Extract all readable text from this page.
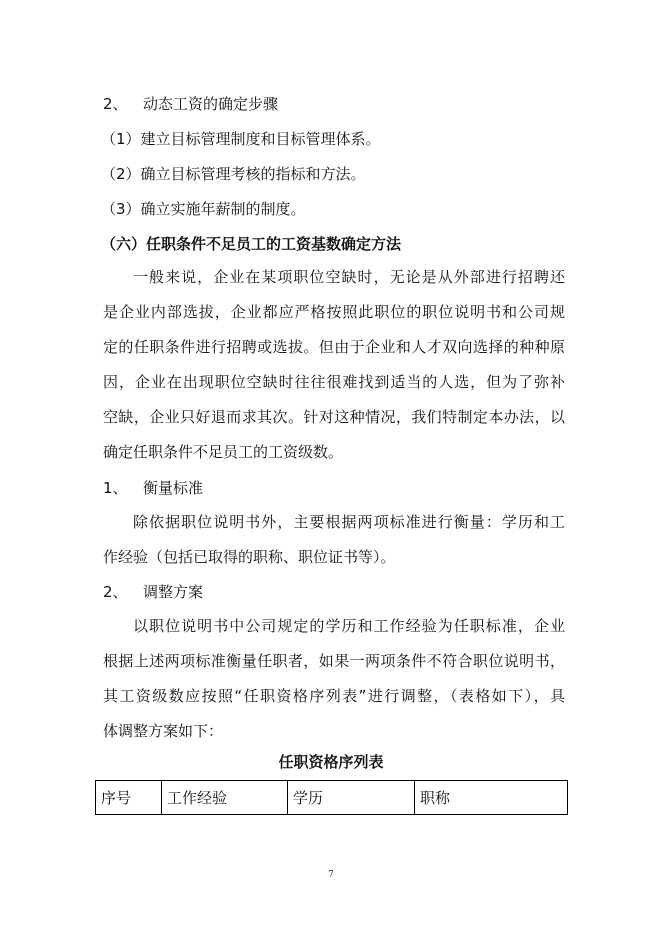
2、 动态工资的确定步骤
（1）建立目标管理制度和目标管理体系。
（2）确立目标管理考核的指标和方法。
（3）确立实施年薪制的制度。
（六）任职条件不足员工的工资基数确定方法
一般来说，企业在某项职位空缺时，无论是从外部进行招聘还
是企业内部选拔，企业都应严格按照此职位的职位说明书和公司规
定的任职条件进行招聘或选拔。但由于企业和人才双向选择的种种原
因，企业在出现职位空缺时往往很难找到适当的人选，但为了弥补
空缺，企业只好退而求其次。针对这种情况，我们特制定本办法，以
确定任职条件不足员工的工资级数。
1、 衡量标准
除依据职位说明书外，主要根据两项标准进行衡量：学历和工
作经验（包括已取得的职称、职位证书等）。
2、 调整方案
以职位说明书中公司规定的学历和工作经验为任职标准，企业
根据上述两项标准衡量任职者，如果一两项条件不符合职位说明书，
其工资级数应按照“任职资格序列表”进行调整，（表格如下），具
体调整方案如下：
任职资格序列表
序号	工作经验	学历	职称
7
